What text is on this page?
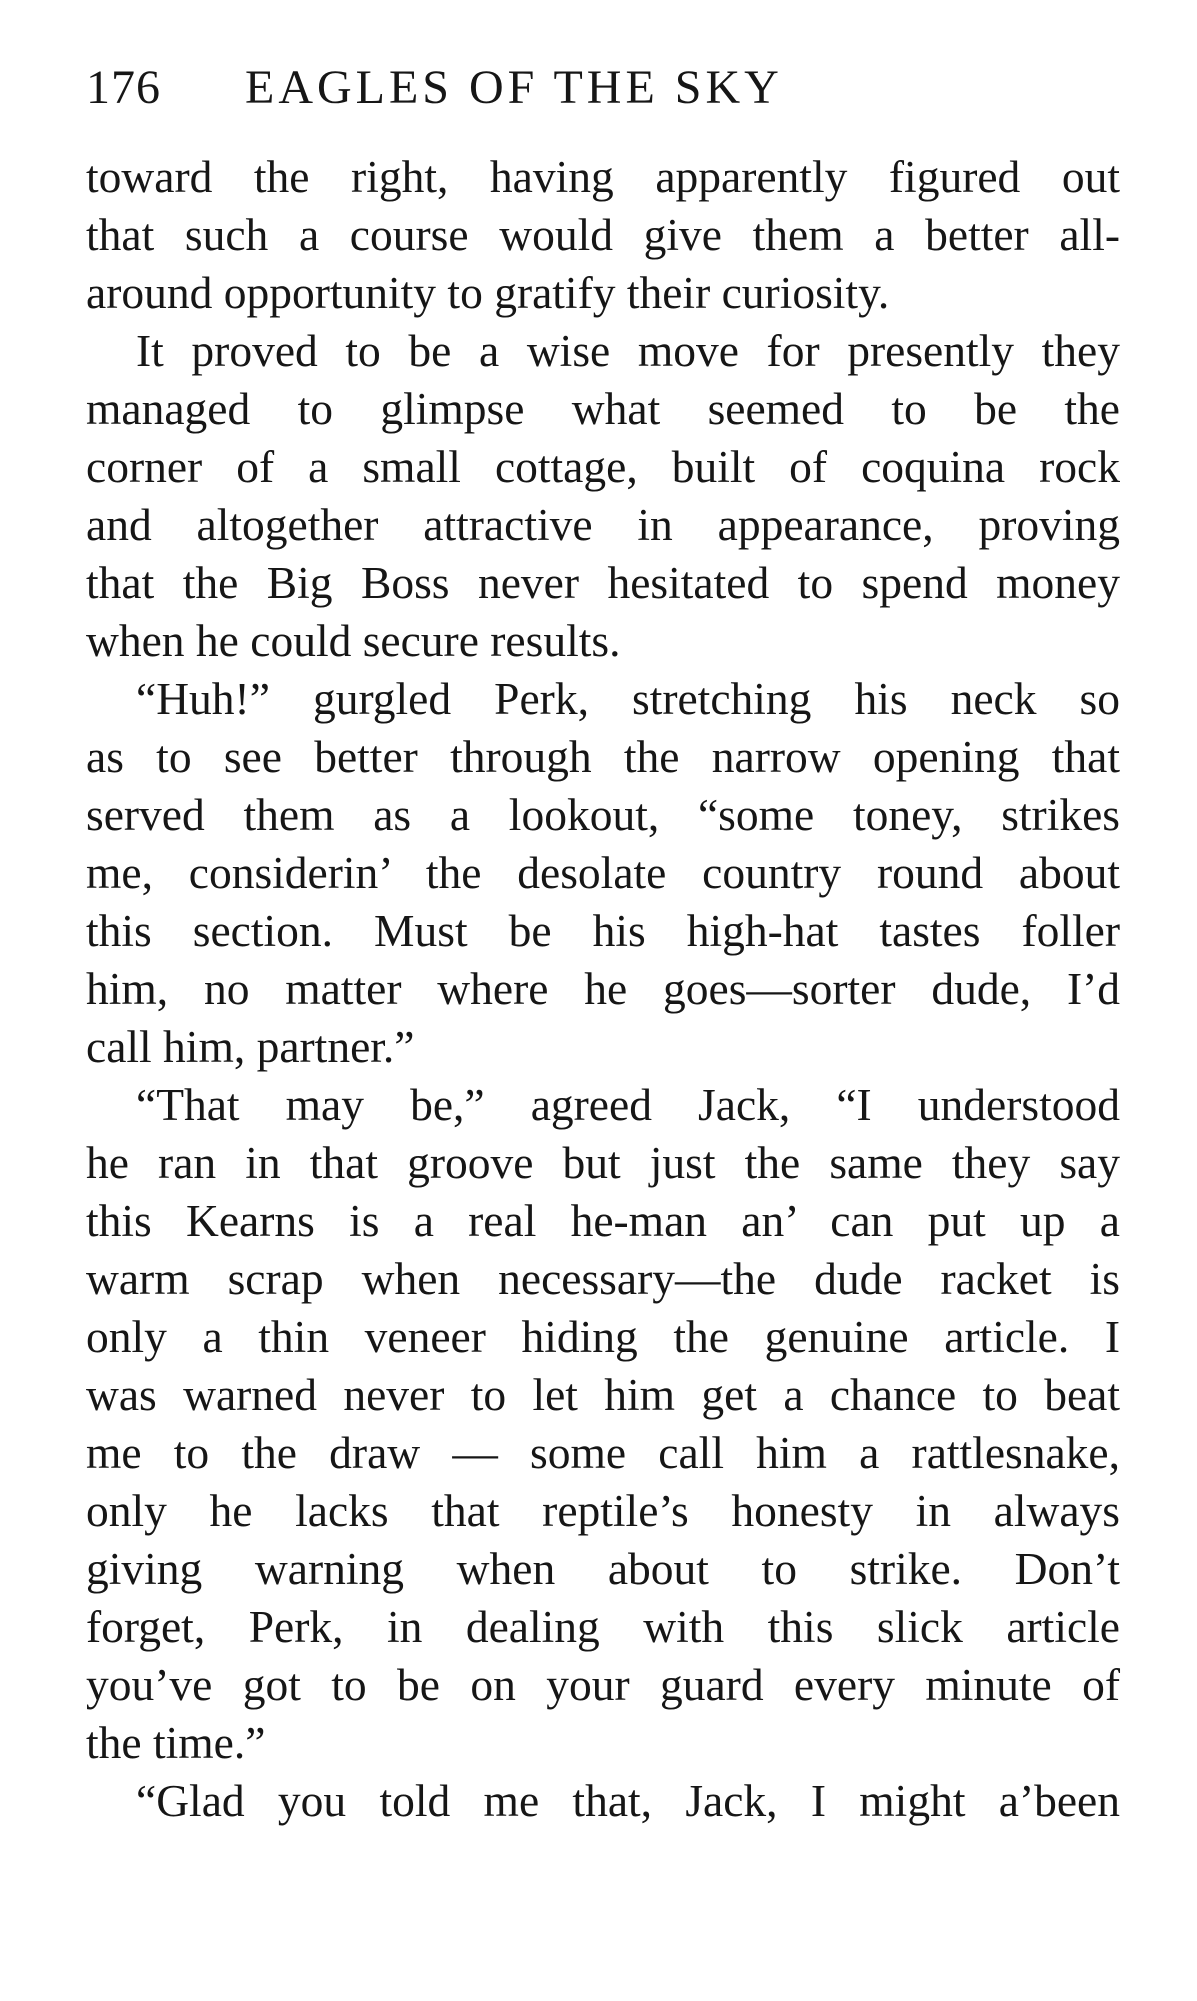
176 EAGLES OF THE SKY
toward the right, having apparently figured out
that such a course would give them a better all-
around opportunity to gratify their curiosity.
It proved to be a wise move for presently they
managed to glimpse what seemed to be the
corner of a small cottage, built of coquina rock
and altogether attractive in appearance, proving
that the Big Boss never hesitated to spend money
when he could secure results.
“Huh!” gurgled Perk, stretching his neck so
as to see better through the narrow opening that
served them as a lookout, “some toney, strikes
me, considerin’ the desolate country round about
this section. Must be his high-hat tastes foller
him, no matter where he goes—sorter dude, I’d
call him, partner.”
“That may be,” agreed Jack, “I understood
he ran in that groove but just the same they say
this Kearns is a real he-man an’ can put up a
warm scrap when necessary—the dude racket is
only a thin veneer hiding the genuine article. I
was warned never to let him get a chance to beat
me to the draw — some call him a rattlesnake,
only he lacks that reptile’s honesty in always
giving warning when about to strike. Don’t
forget, Perk, in dealing with this slick article
you’ve got to be on your guard every minute of
the time.”
“Glad you told me that, Jack, I might a’been
